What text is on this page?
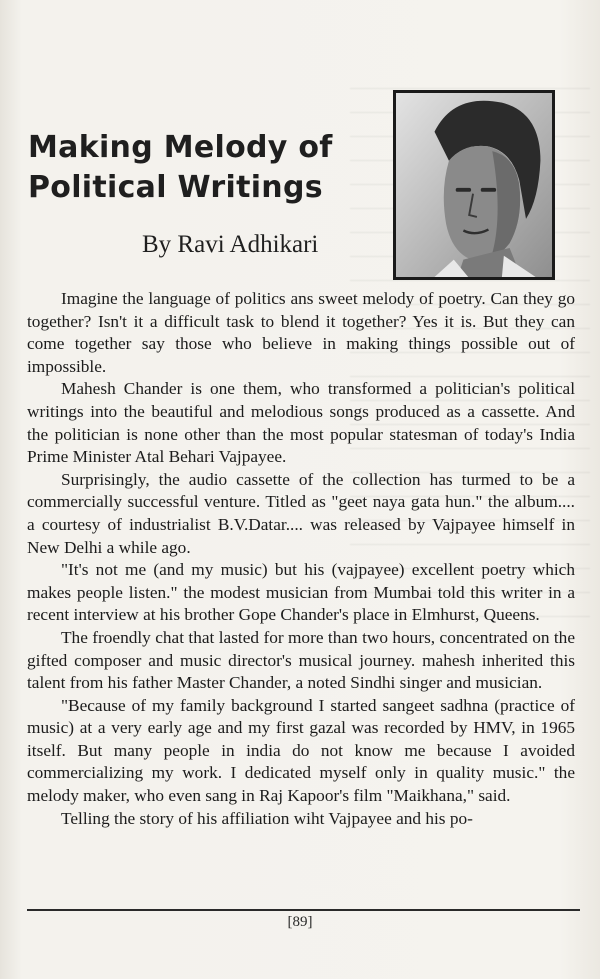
Making Melody of Political Writings
By Ravi Adhikari

Imagine the language of politics ans sweet melody of poetry. Can they go together? Isn't it a difficult task to blend it together? Yes it is. But they can come together say those who believe in making things possible out of impossible.

Mahesh Chander is one them, who transformed a politician's political writings into the beautiful and melodious songs produced as a cassette. And the politician is none other than the most popular statesman of today's India Prime Minister Atal Behari Vajpayee.

Surprisingly, the audio cassette of the collection has turmed to be a commercially successful venture. Titled as "geet naya gata hun." the album.... a courtesy of industrialist B.V.Datar.... was released by Vajpayee himself in New Delhi a while ago.

"It's not me (and my music) but his (vajpayee) excellent poetry which makes people listen." the modest musician from Mumbai told this writer in a recent interview at his brother Gope Chander's place in Elmhurst, Queens.

The froendly chat that lasted for more than two hours, concentrated on the gifted composer and music director's musical journey. mahesh inherited this talent from his father Master Chander, a noted Sindhi singer and musician.

"Because of my family background I started sangeet sadhna (practice of music) at a very early age and my first gazal was recorded by HMV, in 1965 itself. But many people in india do not know me because I avoided commercializing my work. I dedicated myself only in quality music." the melody maker, who even sang in Raj Kapoor's film "Maikhana," said.

Telling the story of his affiliation wiht Vajpayee and his po-

[89]
